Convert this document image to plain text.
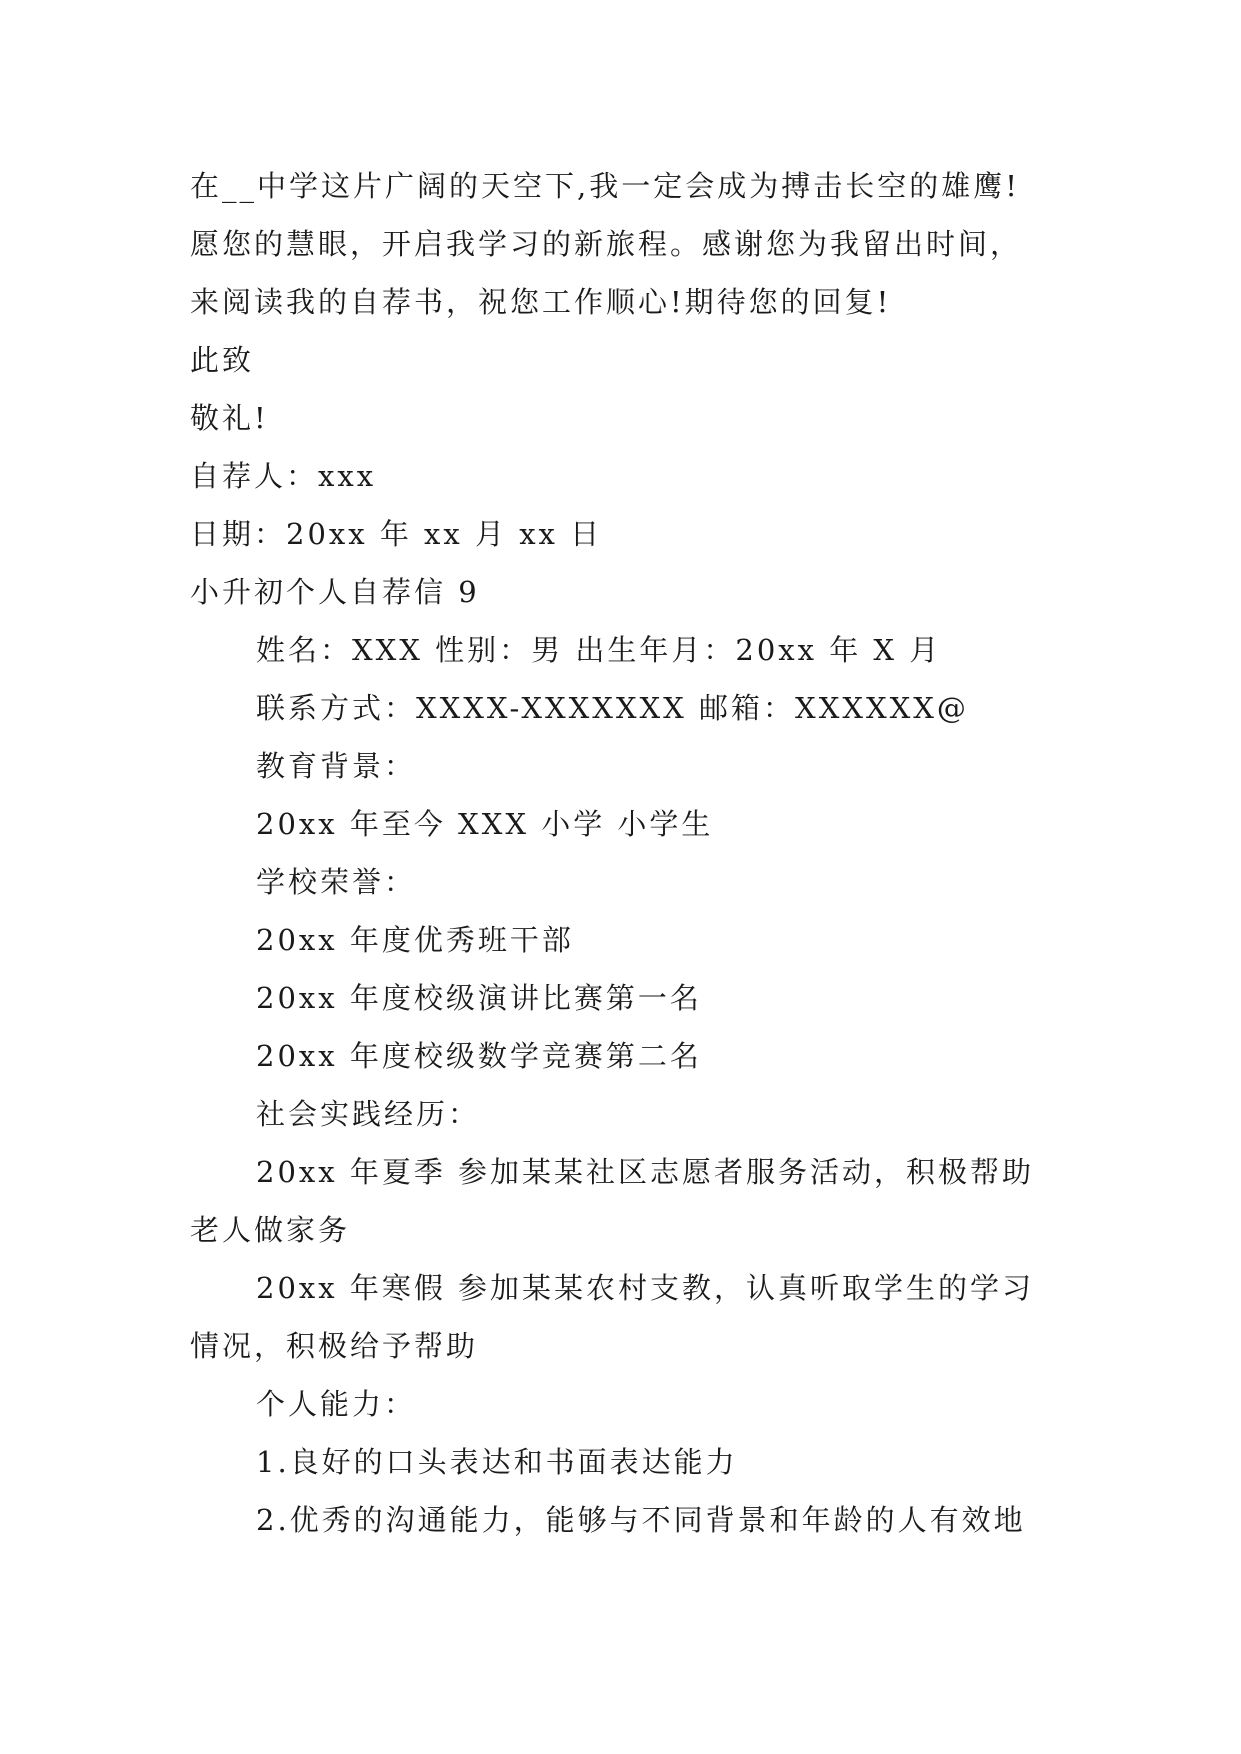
在__中学这片广阔的天空下,我一定会成为搏击长空的雄鹰!
愿您的慧眼，开启我学习的新旅程。感谢您为我留出时间，
来阅读我的自荐书，祝您工作顺心!期待您的回复!
此致
敬礼!
自荐人：xxx
日期：20xx 年 xx 月 xx 日
小升初个人自荐信 9
姓名：XXX 性别：男 出生年月：20xx 年 X 月
联系方式：XXXX-XXXXXXX 邮箱：XXXXXX@
教育背景：
20xx 年至今 XXX 小学 小学生
学校荣誉：
20xx 年度优秀班干部
20xx 年度校级演讲比赛第一名
20xx 年度校级数学竞赛第二名
社会实践经历：
20xx 年夏季 参加某某社区志愿者服务活动，积极帮助
老人做家务
20xx 年寒假 参加某某农村支教，认真听取学生的学习
情况，积极给予帮助
个人能力：
1.良好的口头表达和书面表达能力
2.优秀的沟通能力，能够与不同背景和年龄的人有效地
